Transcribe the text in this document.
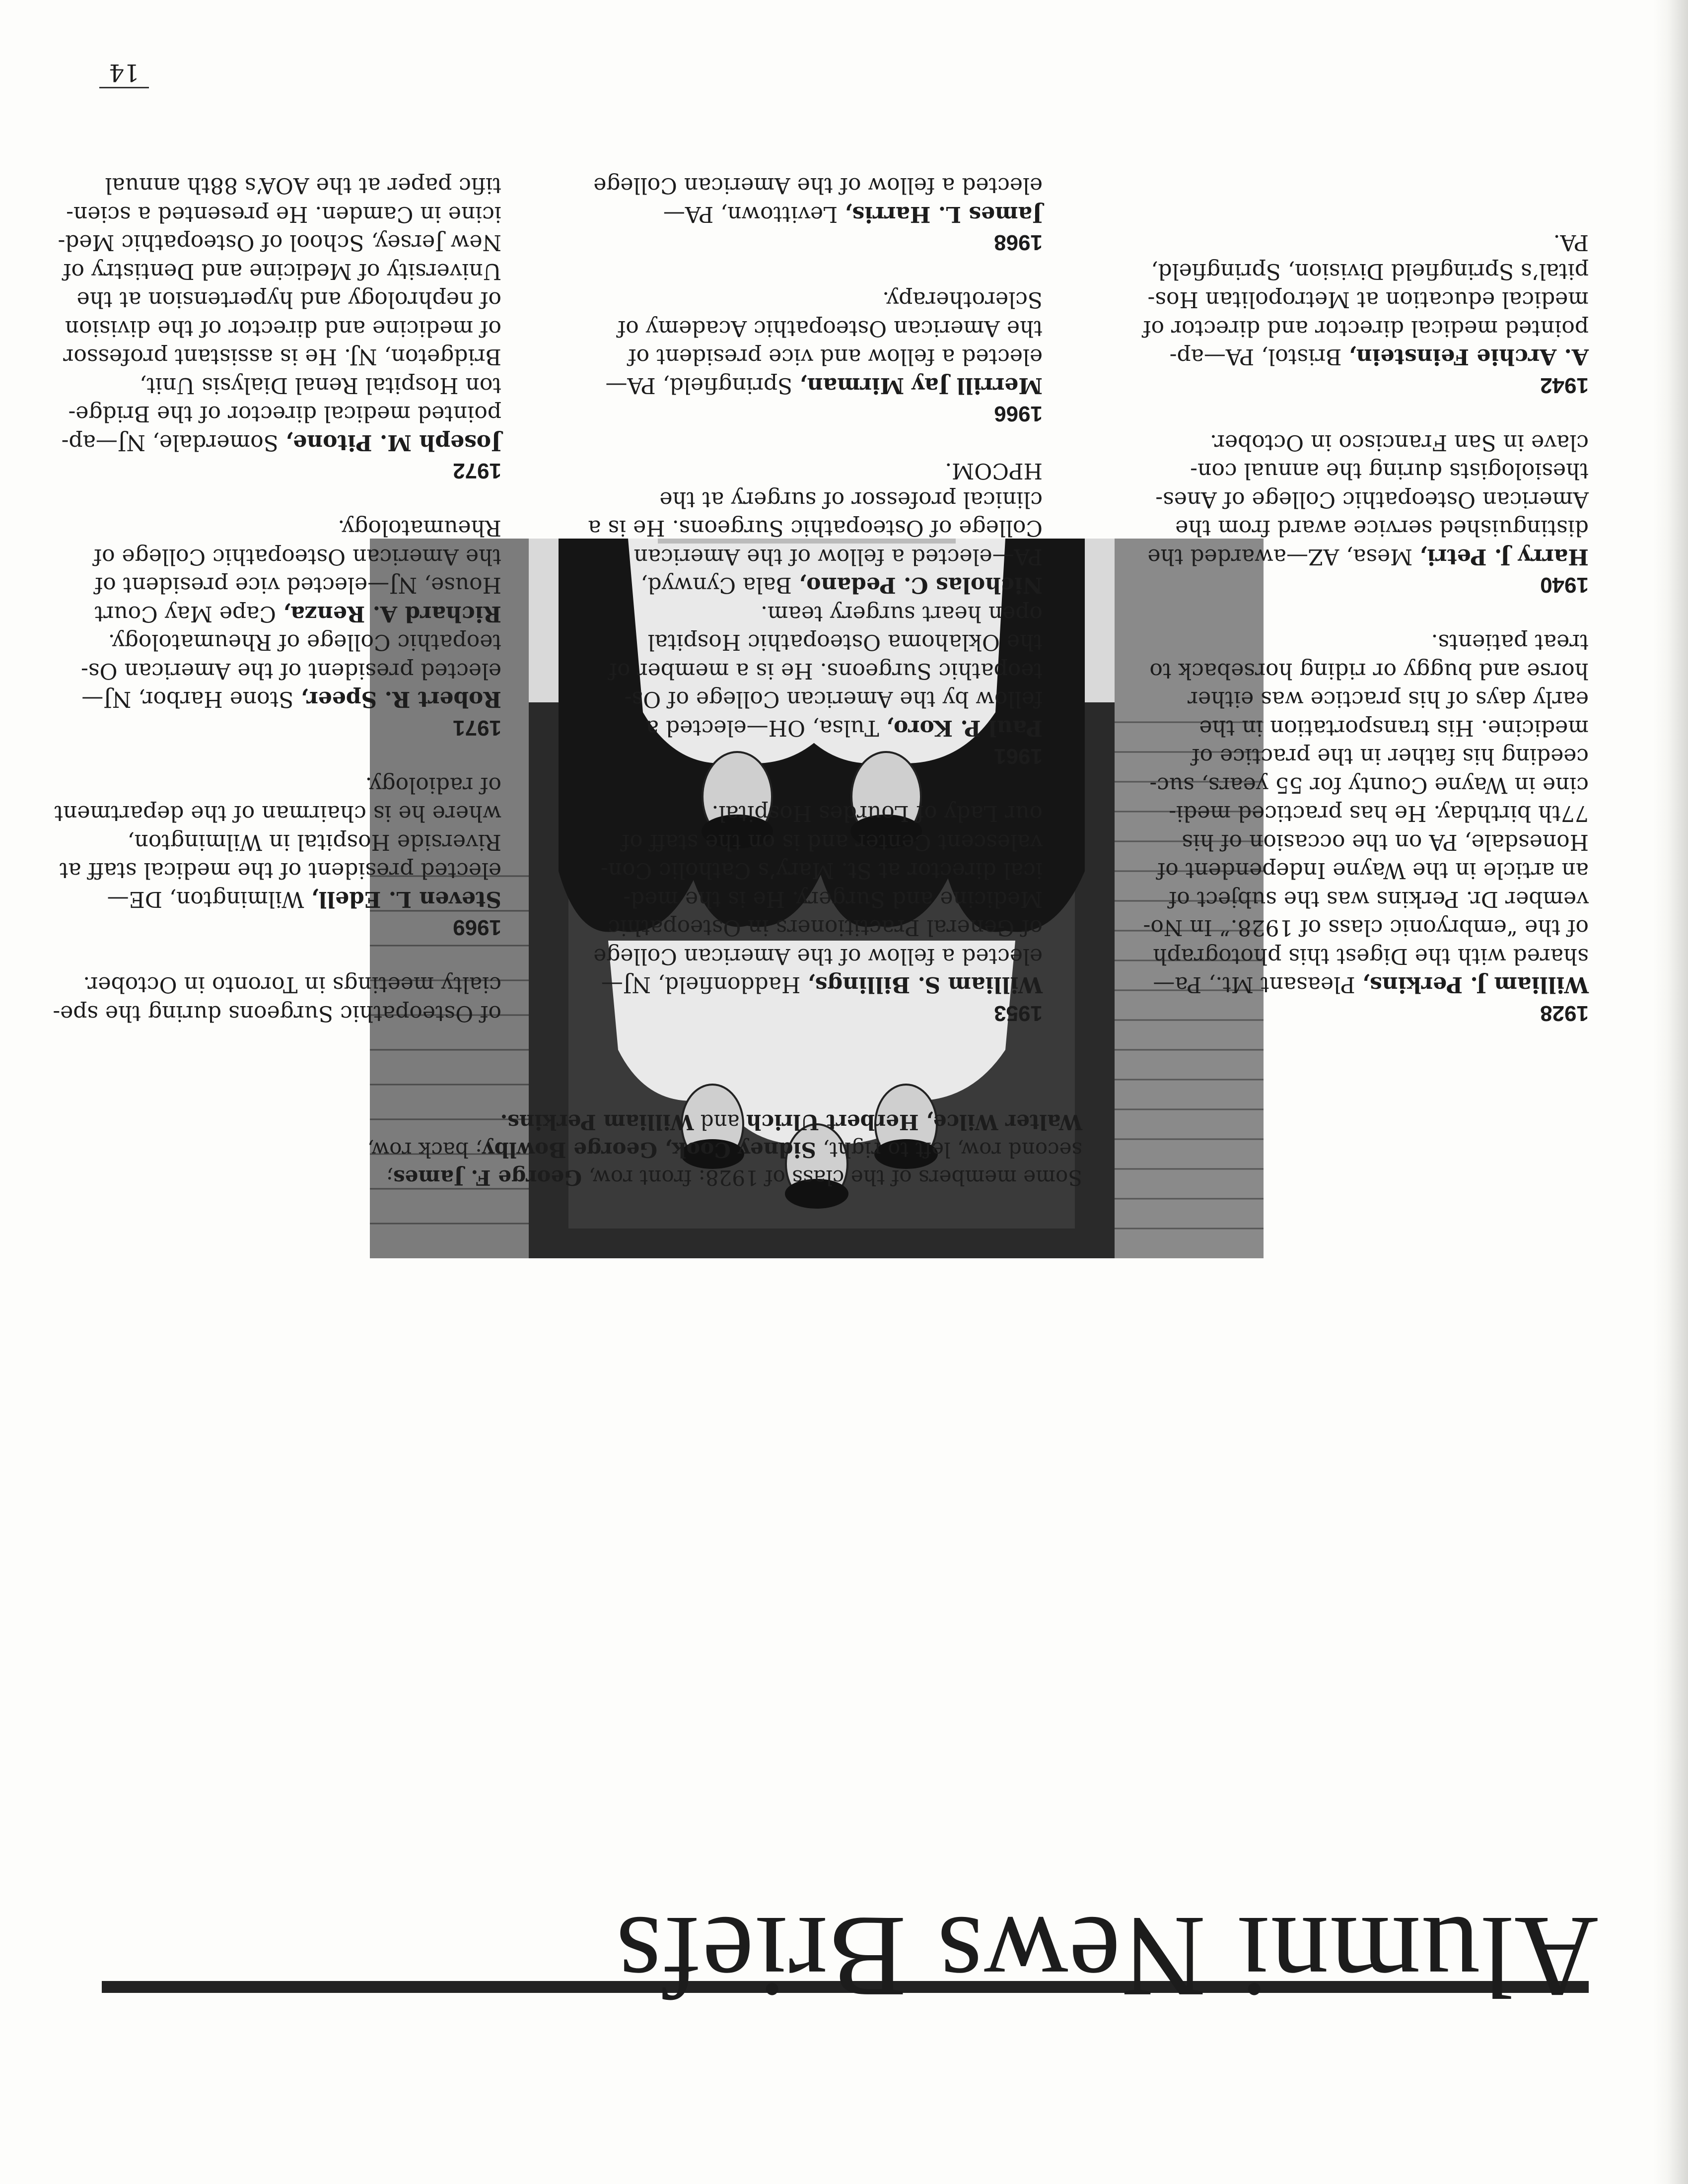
Alumni News Briefs
Some members of the class of 1928: front row, George F. James; second row, left to right, Sidney Cook, George Bowlby; back row, Walter Wilce, Herbert Ulrich and William Perkins.
1928

William J. Perkins, Pleasant Mt., Pa—
shared with the Digest this photograph
of the “embryonic class of 1928.” In No-
vember Dr. Perkins was the subject of
an article in the Wayne Independent of
Honesdale, PA on the occasion of his
77th birthday. He has practiced medi-
cine in Wayne County for 55 years, suc-
ceeding his father in the practice of
medicine. His transportation in the
early days of his practice was either
horse and buggy or riding horseback to
treat patients.

1940

Harry J. Petri, Mesa, AZ—awarded the
distinguished service award from the
American Osteopathic College of Anes-
thesiologists during the annual con-
clave in San Francisco in October.

1942

A. Archie Feinstein, Bristol, PA—ap-
pointed medical director and director of
medical education at Metropolitan Hos-
pital’s Springfield Division, Springfield,
PA.

1953

William S. Billings, Haddonfield, NJ—
elected a fellow of the American College
of General Practitioners in Osteopathic
Medicine and Surgery. He is the med-
ical director at St. Mary’s Catholic Con-
valescent Center and is on the staff of
our Lady of Lourdes Hospital.

1961

Paul P. Koro, Tulsa, OH—elected a
fellow by the American College of Os-
teopathic Surgeons. He is a member of
the Oklahoma Osteopathic Hospital
open heart surgery team.

Nicholas C. Pedano, Bala Cynwyd,
PA—elected a fellow of the American
College of Osteopathic Surgeons. He is a
clinical professor of surgery at the
HPCOM.

1966

Merrill Jay Mirman, Springfield, PA—
elected a fellow and vice president of
the American Osteopathic Academy of
Sclerotherapy.

1968

James L. Harris, Levittown, PA—
elected a fellow of the American College

of Osteopathic Surgeons during the spe-
cialty meetings in Toronto in October.

1969

Steven L. Edell, Wilmington, DE—
elected president of the medical staff at
Riverside Hospital in Wilmington,
where he is chairman of the department
of radiology.

1971

Robert R. Speer, Stone Harbor, NJ—
elected president of the American Os-
teopathic College of Rheumatology.

Richard A. Renza, Cape May Court
House, NJ—elected vice president of
the American Osteopathic College of
Rheumatology.

1972

Joseph M. Pitone, Somerdale, NJ—ap-
pointed medical director of the Bridge-
ton Hospital Renal Dialysis Unit,
Bridgeton, NJ. He is assistant professor
of medicine and director of the division
of nephrology and hypertension at the
University of Medicine and Dentistry of
New Jersey, School of Osteopathic Med-
icine in Camden. He presented a scien-
tific paper at the AOA’s 88th annual

14
